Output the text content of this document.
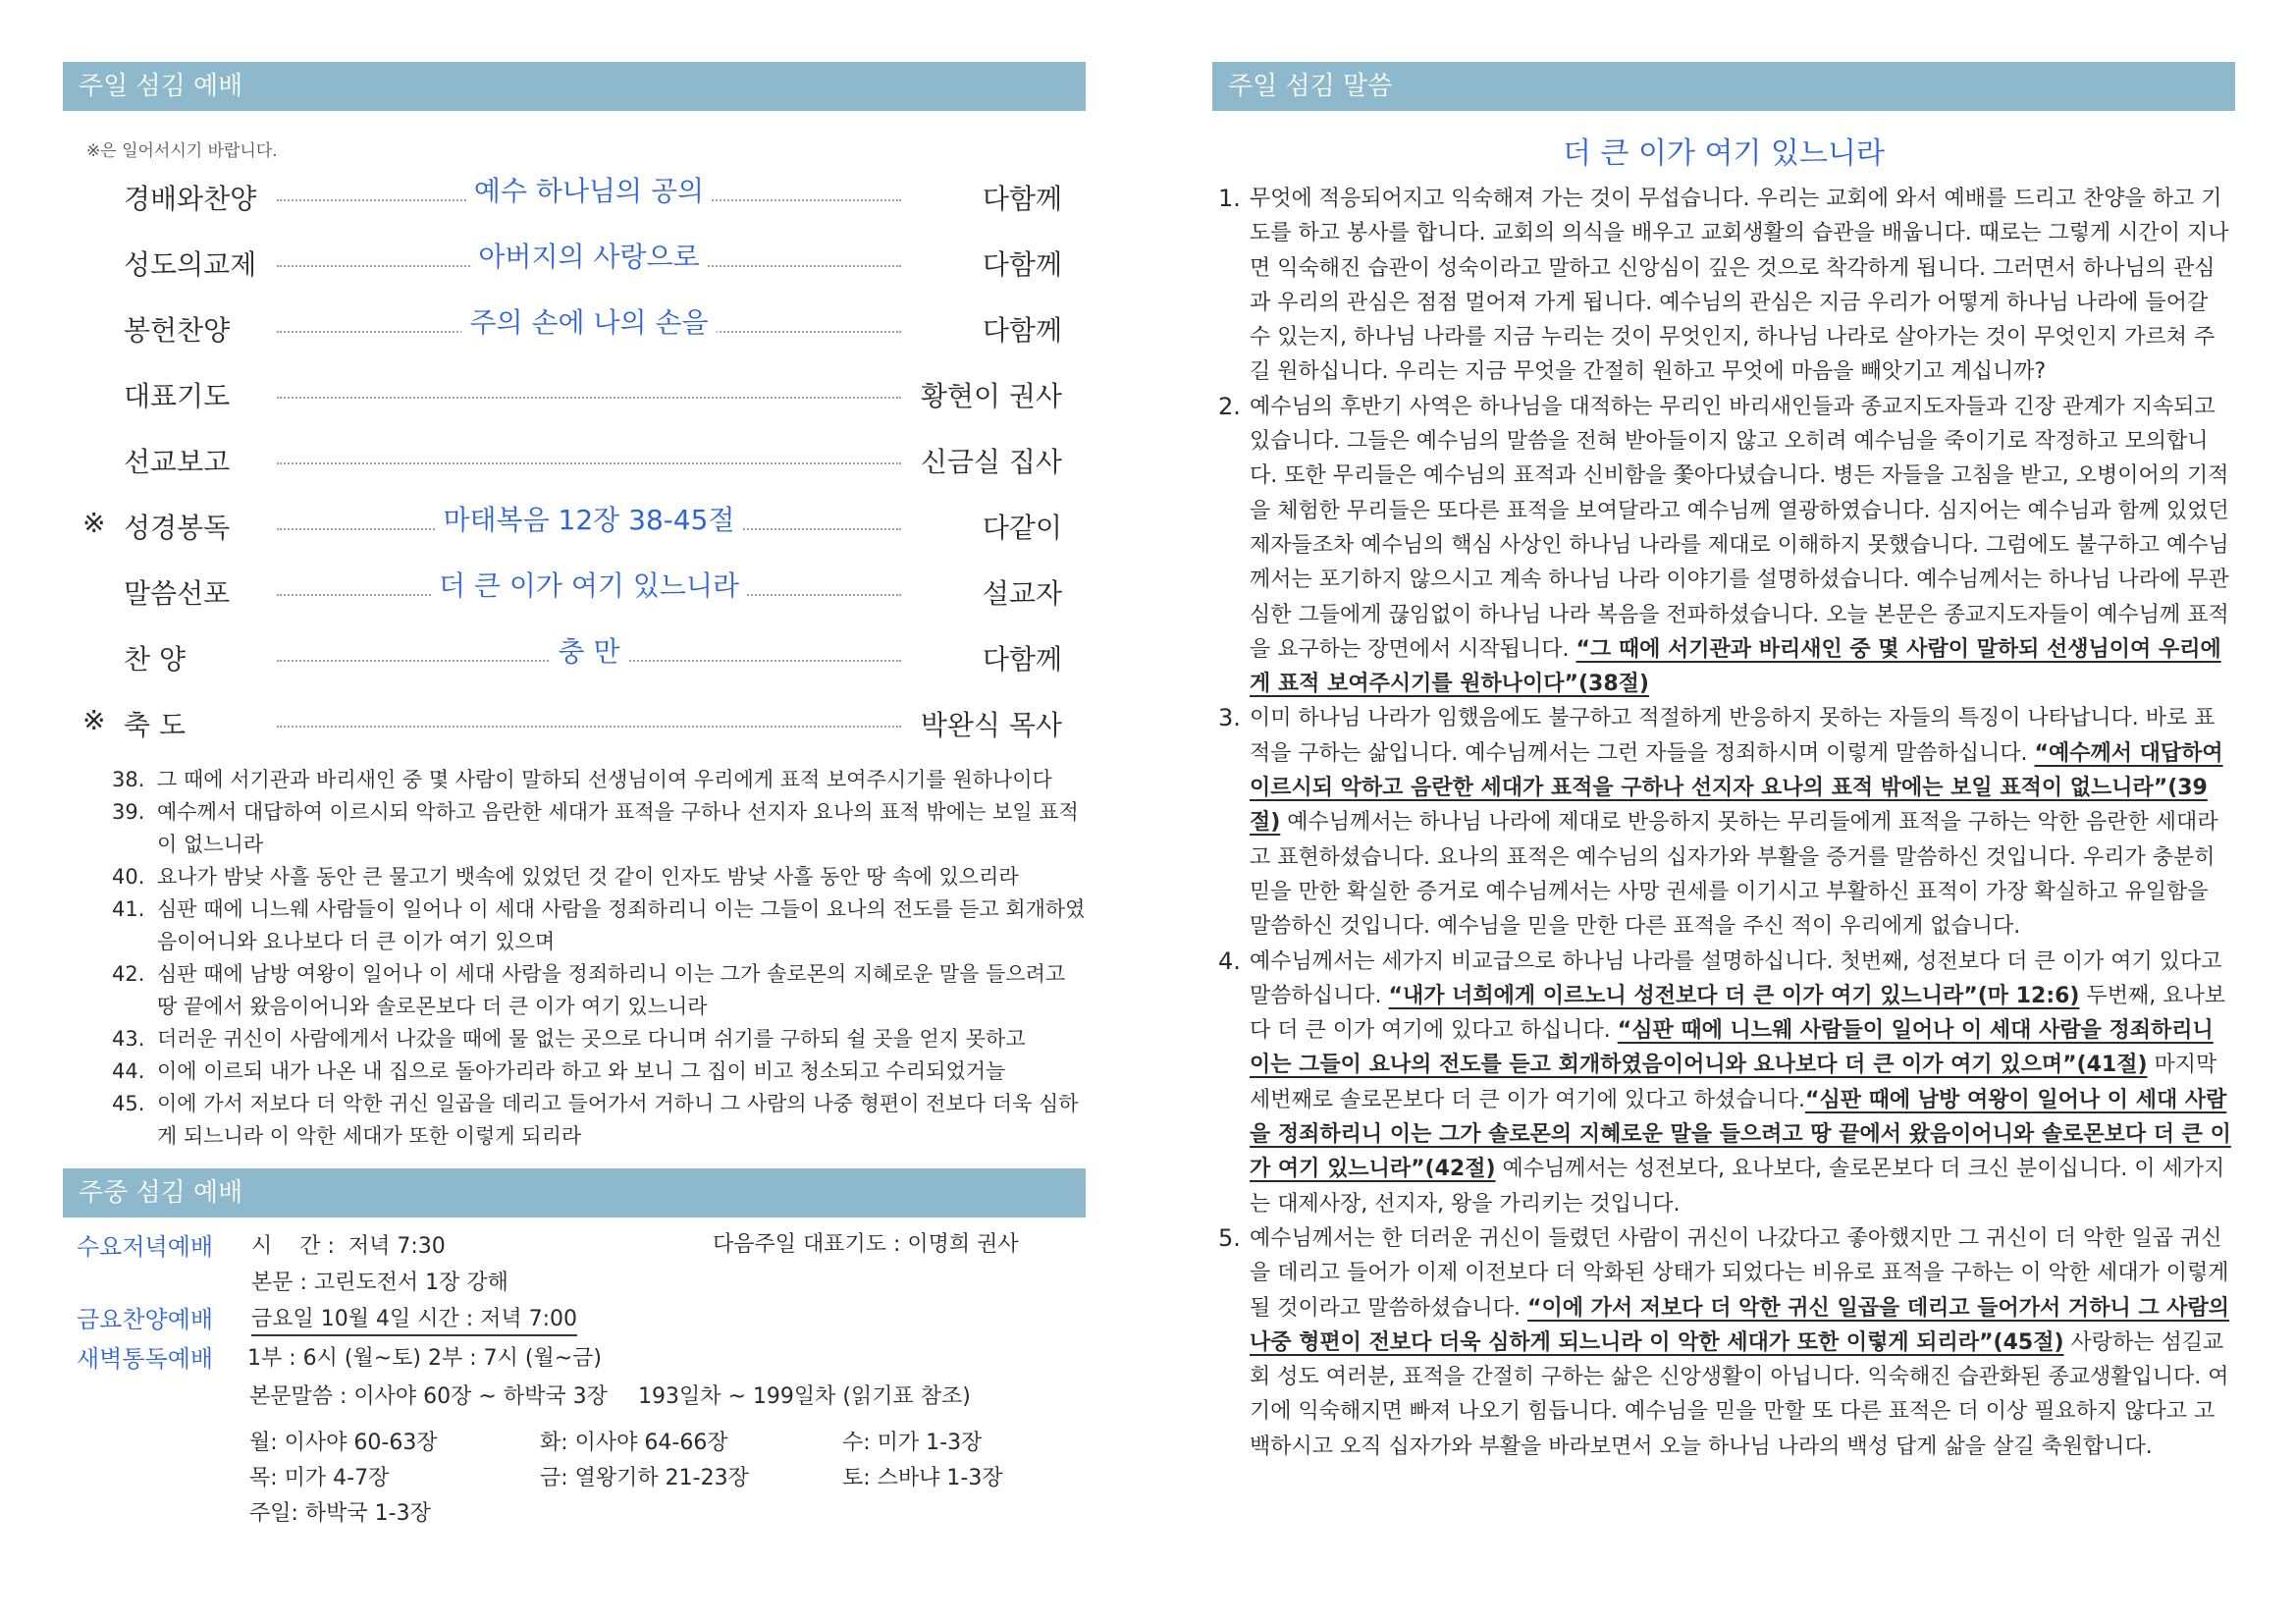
주일 섬김 예배
※은 일어서시기 바랍니다.
경배와찬양	예수 하나님의 공의	다함께
성도의교제	아버지의 사랑으로	다함께
봉헌찬양	주의 손에 나의 손을	다함께
대표기도	황현이 권사
선교보고	신금실 집사
※ 성경봉독	마태복음 12장 38-45절	다같이
말씀선포	더 큰 이가 여기 있느니라	설교자
찬 양	충 만	다함께
※ 축 도	박완식 목사
38. 그 때에 서기관과 바리새인 중 몇 사람이 말하되 선생님이여 우리에게 표적 보여주시기를 원하나이다
39. 예수께서 대답하여 이르시되 악하고 음란한 세대가 표적을 구하나 선지자 요나의 표적 밖에는 보일 표적이 없느니라
40. 요나가 밤낮 사흘 동안 큰 물고기 뱃속에 있었던 것 같이 인자도 밤낮 사흘 동안 땅 속에 있으리라
41. 심판 때에 니느웨 사람들이 일어나 이 세대 사람을 정죄하리니 이는 그들이 요나의 전도를 듣고 회개하였음이어니와 요나보다 더 큰 이가 여기 있으며
42. 심판 때에 남방 여왕이 일어나 이 세대 사람을 정죄하리니 이는 그가 솔로몬의 지혜로운 말을 들으려고 땅 끝에서 왔음이어니와 솔로몬보다 더 큰 이가 여기 있느니라
43. 더러운 귀신이 사람에게서 나갔을 때에 물 없는 곳으로 다니며 쉬기를 구하되 쉴 곳을 얻지 못하고
44. 이에 이르되 내가 나온 내 집으로 돌아가리라 하고 와 보니 그 집이 비고 청소되고 수리되었거늘
45. 이에 가서 저보다 더 악한 귀신 일곱을 데리고 들어가서 거하니 그 사람의 나중 형편이 전보다 더욱 심하게 되느니라 이 악한 세대가 또한 이렇게 되리라
주중 섬김 예배
수요저녁예배 시    간 :  저녁 7:30	다음주일 대표기도 : 이명희 권사
본문 : 고린도전서 1장 강해
금요찬양예배 금요일 10월 4일 시간 : 저녁 7:00
새벽통독예배 1부 : 6시 (월~토) 2부 : 7시 (월~금)
본문말씀 : 이사야 60장 ~ 하박국 3장 193일차 ~ 199일차 (읽기표 참조)
월: 이사야 60-63장	화: 이사야 64-66장	수: 미가 1-3장
목: 미가 4-7장	금: 열왕기하 21-23장	토: 스바냐 1-3장
주일: 하박국 1-3장
주일 섬김 말씀
더 큰 이가 여기 있느니라
1. 무엇에 적응되어지고 익숙해져 가는 것이 무섭습니다. 우리는 교회에 와서 예배를 드리고 찬양을 하고 기도를 하고 봉사를 합니다. 교회의 의식을 배우고 교회생활의 습관을 배웁니다. 때로는 그렇게 시간이 지나면 익숙해진 습관이 성숙이라고 말하고 신앙심이 깊은 것으로 착각하게 됩니다. 그러면서 하나님의 관심과 우리의 관심은 점점 멀어져 가게 됩니다. 예수님의 관심은 지금 우리가 어떻게 하나님 나라에 들어갈 수 있는지, 하나님 나라를 지금 누리는 것이 무엇인지, 하나님 나라로 살아가는 것이 무엇인지 가르쳐 주길 원하십니다. 우리는 지금 무엇을 간절히 원하고 무엇에 마음을 빼앗기고 계십니까?
2. 예수님의 후반기 사역은 하나님을 대적하는 무리인 바리새인들과 종교지도자들과 긴장 관계가 지속되고 있습니다. 그들은 예수님의 말씀을 전혀 받아들이지 않고 오히려 예수님을 죽이기로 작정하고 모의합니다. 또한 무리들은 예수님의 표적과 신비함을 쫓아다녔습니다. 병든 자들을 고침을 받고, 오병이어의 기적을 체험한 무리들은 또다른 표적을 보여달라고 예수님께 열광하였습니다. 심지어는 예수님과 함께 있었던 제자들조차 예수님의 핵심 사상인 하나님 나라를 제대로 이해하지 못했습니다. 그럼에도 불구하고 예수님께서는 포기하지 않으시고 계속 하나님 나라 이야기를 설명하셨습니다. 예수님께서는 하나님 나라에 무관심한 그들에게 끊임없이 하나님 나라 복음을 전파하셨습니다. 오늘 본문은 종교지도자들이 예수님께 표적을 요구하는 장면에서 시작됩니다. “그 때에 서기관과 바리새인 중 몇 사람이 말하되 선생님이여 우리에게 표적 보여주시기를 원하나이다”(38절)
3. 이미 하나님 나라가 임했음에도 불구하고 적절하게 반응하지 못하는 자들의 특징이 나타납니다. 바로 표적을 구하는 삶입니다. 예수님께서는 그런 자들을 정죄하시며 이렇게 말씀하십니다. “예수께서 대답하여 이르시되 악하고 음란한 세대가 표적을 구하나 선지자 요나의 표적 밖에는 보일 표적이 없느니라”(39절) 예수님께서는 하나님 나라에 제대로 반응하지 못하는 무리들에게 표적을 구하는 악한 음란한 세대라고 표현하셨습니다. 요나의 표적은 예수님의 십자가와 부활을 증거를 말씀하신 것입니다. 우리가 충분히 믿을 만한 확실한 증거로 예수님께서는 사망 권세를 이기시고 부활하신 표적이 가장 확실하고 유일함을 말씀하신 것입니다. 예수님을 믿을 만한 다른 표적을 주신 적이 우리에게 없습니다.
4. 예수님께서는 세가지 비교급으로 하나님 나라를 설명하십니다. 첫번째, 성전보다 더 큰 이가 여기 있다고 말씀하십니다. “내가 너희에게 이르노니 성전보다 더 큰 이가 여기 있느니라”(마 12:6) 두번째, 요나보다 더 큰 이가 여기에 있다고 하십니다. “심판 때에 니느웨 사람들이 일어나 이 세대 사람을 정죄하리니 이는 그들이 요나의 전도를 듣고 회개하였음이어니와 요나보다 더 큰 이가 여기 있으며”(41절) 마지막 세번째로 솔로몬보다 더 큰 이가 여기에 있다고 하셨습니다.“심판 때에 남방 여왕이 일어나 이 세대 사람을 정죄하리니 이는 그가 솔로몬의 지혜로운 말을 들으려고 땅 끝에서 왔음이어니와 솔로몬보다 더 큰 이가 여기 있느니라”(42절) 예수님께서는 성전보다, 요나보다, 솔로몬보다 더 크신 분이십니다. 이 세가지는 대제사장, 선지자, 왕을 가리키는 것입니다.
5. 예수님께서는 한 더러운 귀신이 들렸던 사람이 귀신이 나갔다고 좋아했지만 그 귀신이 더 악한 일곱 귀신을 데리고 들어가 이제 이전보다 더 악화된 상태가 되었다는 비유로 표적을 구하는 이 악한 세대가 이렇게 될 것이라고 말씀하셨습니다. “이에 가서 저보다 더 악한 귀신 일곱을 데리고 들어가서 거하니 그 사람의 나중 형편이 전보다 더욱 심하게 되느니라 이 악한 세대가 또한 이렇게 되리라”(45절) 사랑하는 섬길교회 성도 여러분, 표적을 간절히 구하는 삶은 신앙생활이 아닙니다. 익숙해진 습관화된 종교생활입니다. 여기에 익숙해지면 빠져 나오기 힘듭니다. 예수님을 믿을 만할 또 다른 표적은 더 이상 필요하지 않다고 고백하시고 오직 십자가와 부활을 바라보면서 오늘 하나님 나라의 백성 답게 삶을 살길 축원합니다.
